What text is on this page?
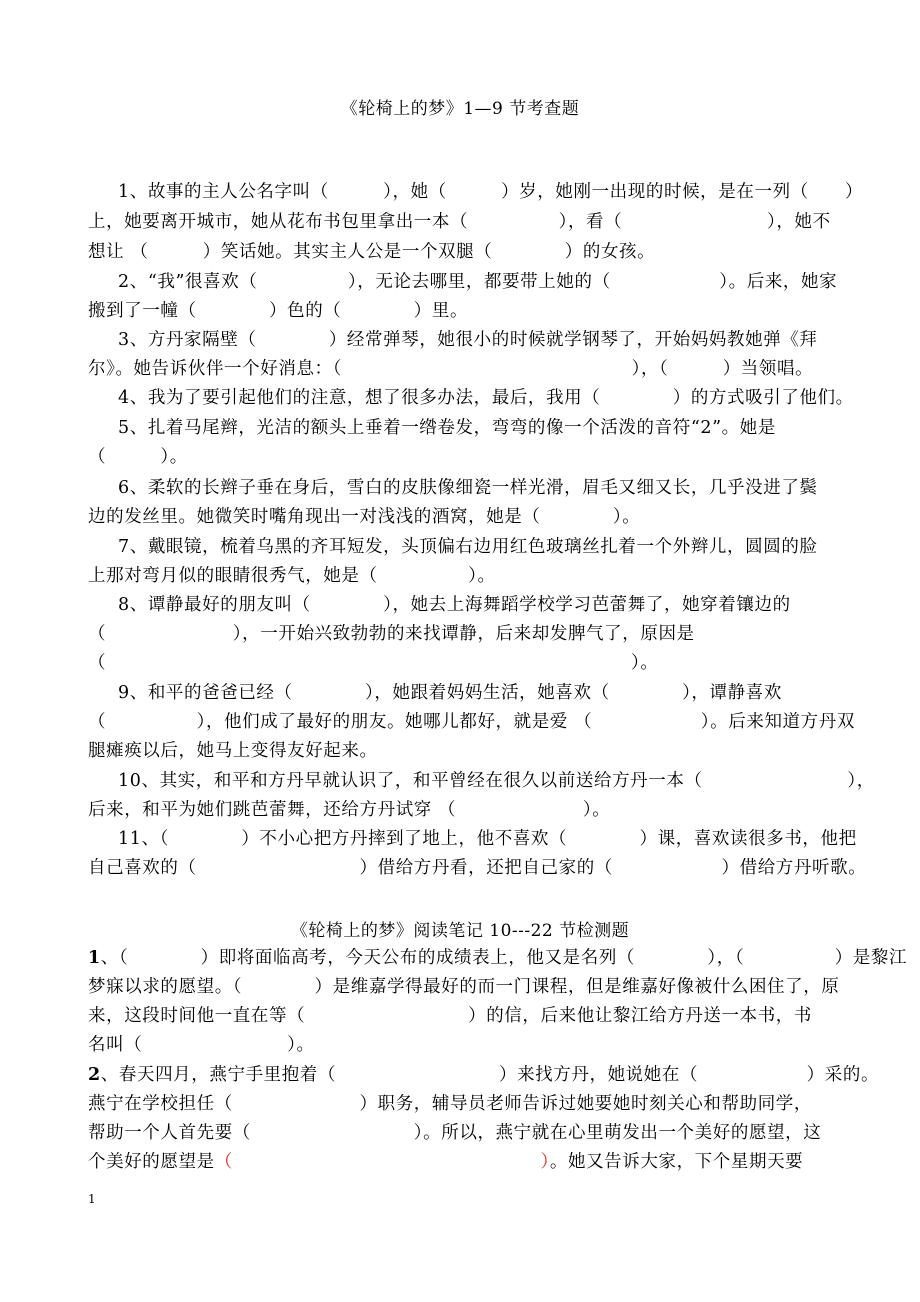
《轮椅上的梦》1—9 节考查题
1、故事的主人公名字叫（　　　），她（　　　）岁，她刚一出现的时候，是在一列（　　）
上，她要离开城市，她从花布书包里拿出一本（　　　　　），看（　　　　　　　　），她不
想让 （　　　）笑话她。其实主人公是一个双腿（　　　　）的女孩。
2、“我”很喜欢（　　　　　），无论去哪里，都要带上她的（　　　　　　）。后来，她家
搬到了一幢（　　　　）色的（　　　　）里。
3、方丹家隔壁（　　　　）经常弹琴，她很小的时候就学钢琴了，开始妈妈教她弹《拜
尔》。她告诉伙伴一个好消息：（　　　　　　　　　　　　　　　　），（　　　）当领唱。
4、我为了要引起他们的注意，想了很多办法，最后，我用（　　　　）的方式吸引了他们。
5、扎着马尾辫，光洁的额头上垂着一绺卷发，弯弯的像一个活泼的音符“2”。她是
（　　　）。
6、柔软的长辫子垂在身后，雪白的皮肤像细瓷一样光滑，眉毛又细又长，几乎没进了鬓
边的发丝里。她微笑时嘴角现出一对浅浅的酒窝，她是（　　　　）。
7、戴眼镜，梳着乌黑的齐耳短发，头顶偏右边用红色玻璃丝扎着一个外辫儿，圆圆的脸
上那对弯月似的眼睛很秀气，她是（　　　　　）。
8、谭静最好的朋友叫（　　　　），她去上海舞蹈学校学习芭蕾舞了，她穿着镶边的
（　　　　　　　），一开始兴致勃勃的来找谭静，后来却发脾气了，原因是
（　　　　　　　　　　　　　　　　　　　　　　　　　　　　　）。
9、和平的爸爸已经（　　　　），她跟着妈妈生活，她喜欢（　　　　），谭静喜欢
（　　　　　），他们成了最好的朋友。她哪儿都好，就是爱 （　　　　　　）。后来知道方丹双
腿瘫痪以后，她马上变得友好起来。
10、其实，和平和方丹早就认识了，和平曾经在很久以前送给方丹一本（　　　　　　　　），
后来，和平为她们跳芭蕾舞，还给方丹试穿 （　　　　　　　）。
11、（　　　　）不小心把方丹摔到了地上，他不喜欢（　　　　）课，喜欢读很多书，他把
自己喜欢的（　　　　　　　　　）借给方丹看，还把自己家的（　　　　　　）借给方丹听歌。
《轮椅上的梦》阅读笔记 10---22 节检测题
1、（　　　　）即将面临高考，今天公布的成绩表上，他又是名列（　　　　），（　　　　　）是黎江
梦寐以求的愿望。（　　　　）是维嘉学得最好的而一门课程，但是维嘉好像被什么困住了，原
来，这段时间他一直在等（　　　　　　　　　）的信，后来他让黎江给方丹送一本书，书
名叫（　　　　　　　　）。
2、春天四月，燕宁手里抱着（　　　　　　　　　）来找方丹，她说她在（　　　　　　）采的。
燕宁在学校担任（　　　　　　　）职务，辅导员老师告诉过她要她时刻关心和帮助同学，
帮助一个人首先要（　　　　　　　　　）。所以，燕宁就在心里萌发出一个美好的愿望，这
个美好的愿望是（　　　　　　　　　　　　　　　　　	）。她又告诉大家，下个星期天要
1
